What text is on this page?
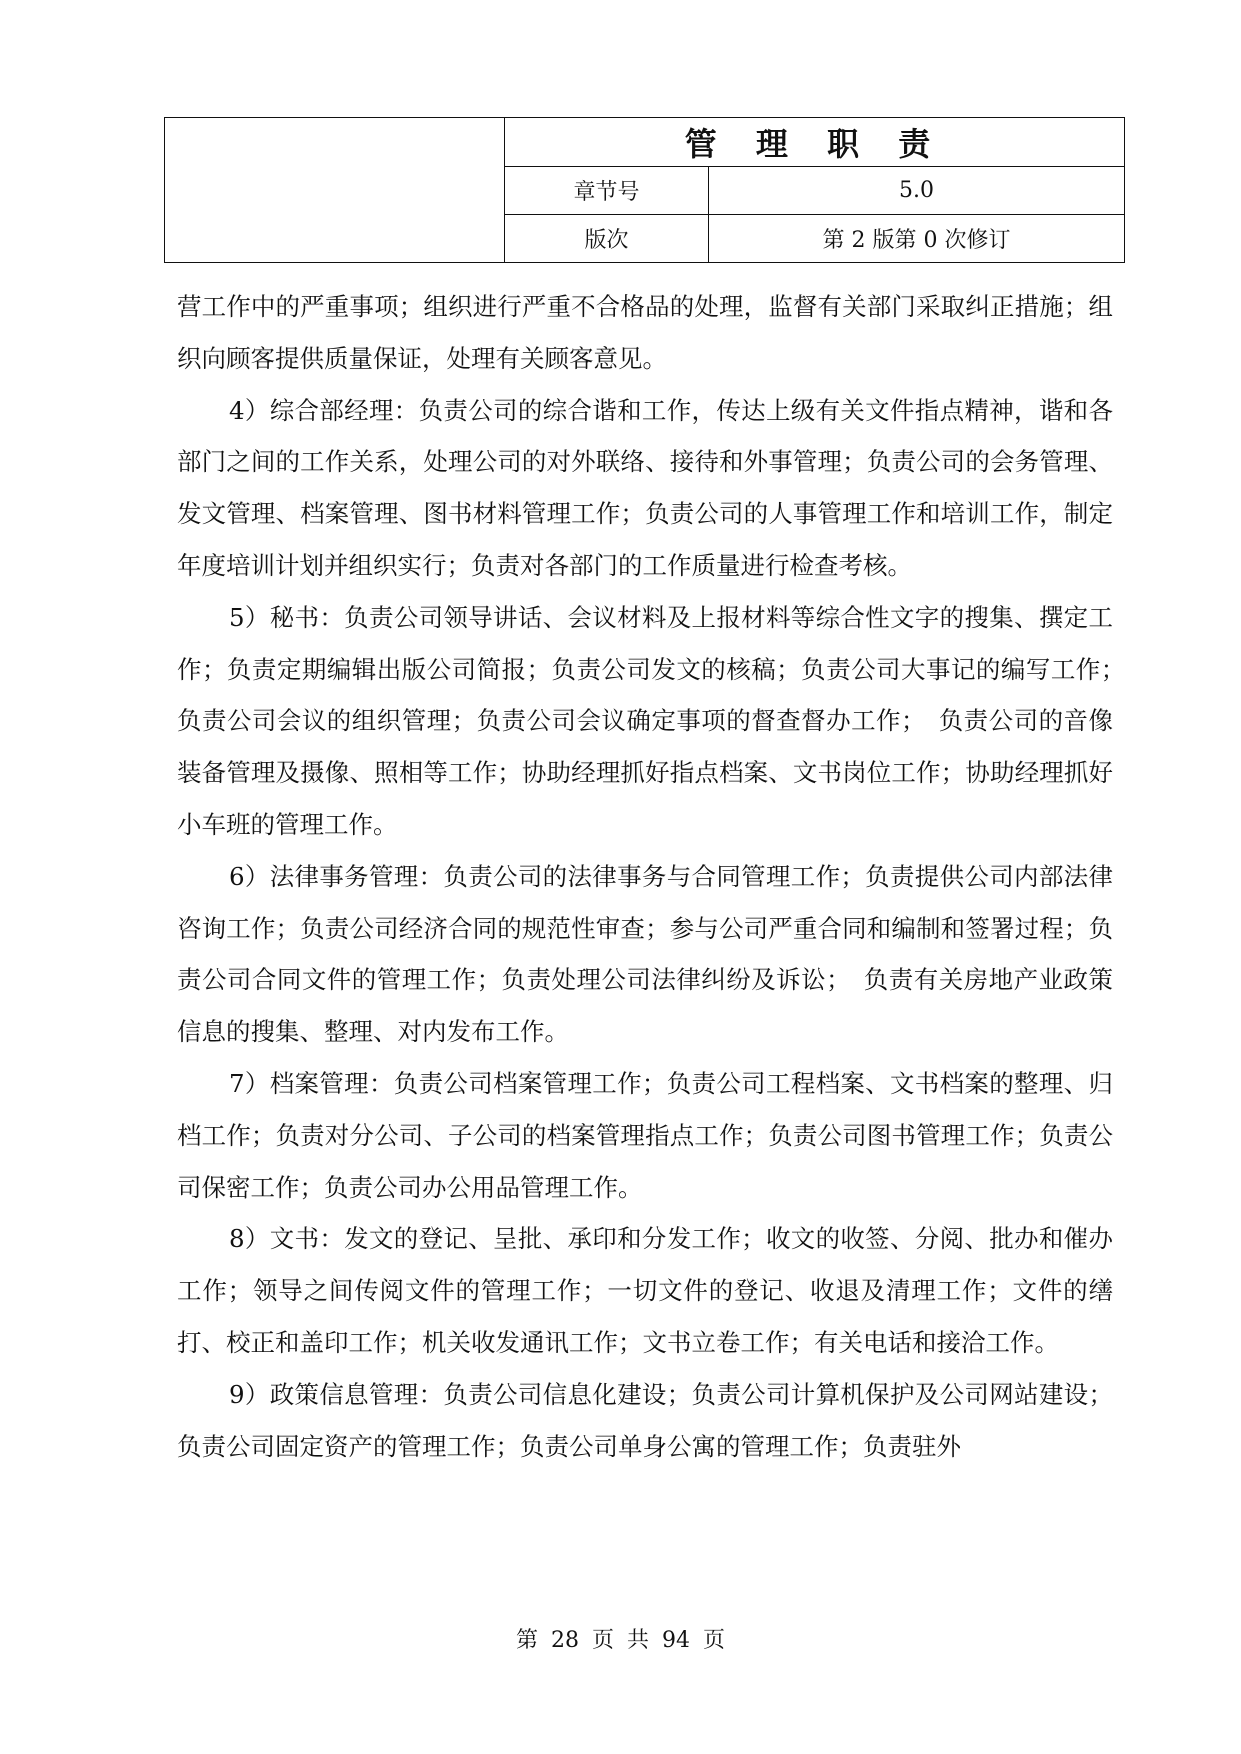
	管 理 职 责	
	章节号	5.0
	版次	第 2 版第 0 次修订

营工作中的严重事项；组织进行严重不合格品的处理，监督有关部门采取纠正措施；组织向顾客提供质量保证，处理有关顾客意见。

4）综合部经理：负责公司的综合谐和工作，传达上级有关文件指点精神，谐和各部门之间的工作关系，处理公司的对外联络、接待和外事管理；负责公司的会务管理、发文管理、档案管理、图书材料管理工作；负责公司的人事管理工作和培训工作，制定年度培训计划并组织实行；负责对各部门的工作质量进行检查考核。

5）秘书：负责公司领导讲话、会议材料及上报材料等综合性文字的搜集、撰定工作；负责定期编辑出版公司简报；负责公司发文的核稿；负责公司大事记的编写工作；　负责公司会议的组织管理；负责公司会议确定事项的督查督办工作；　负责公司的音像装备管理及摄像、照相等工作；协助经理抓好指点档案、文书岗位工作；协助经理抓好小车班的管理工作。

6）法律事务管理：负责公司的法律事务与合同管理工作；负责提供公司内部法律咨询工作；负责公司经济合同的规范性审查；参与公司严重合同和编制和签署过程；负责公司合同文件的管理工作；负责处理公司法律纠纷及诉讼；　负责有关房地产业政策信息的搜集、整理、对内发布工作。

7）档案管理：负责公司档案管理工作；负责公司工程档案、文书档案的整理、归档工作；负责对分公司、子公司的档案管理指点工作；负责公司图书管理工作；负责公司保密工作；负责公司办公用品管理工作。

8）文书：发文的登记、呈批、承印和分发工作；收文的收签、分阅、批办和催办工作；领导之间传阅文件的管理工作；一切文件的登记、收退及清理工作；文件的缮打、校正和盖印工作；机关收发通讯工作；文书立卷工作；有关电话和接洽工作。

9）政策信息管理：负责公司信息化建设；负责公司计算机保护及公司网站建设；负责公司固定资产的管理工作；负责公司单身公寓的管理工作；负责驻外

第 28 页 共 94 页
